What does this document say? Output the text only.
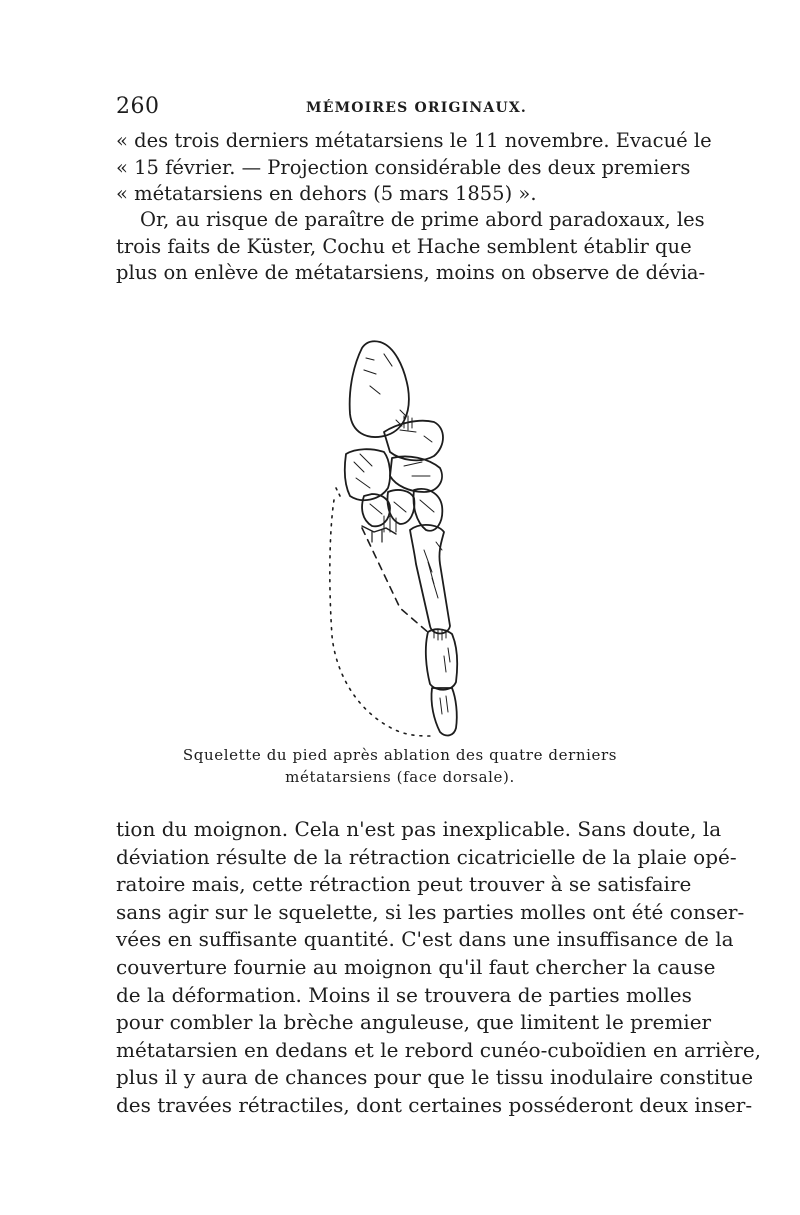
260	MÉMOIRES ORIGINAUX.
« des trois derniers métatarsiens le 11 novembre. Evacué le
« 15 février. — Projection considérable des deux premiers
« métatarsiens en dehors (5 mars 1855) ».
Or, au risque de paraître de prime abord paradoxaux, les
trois faits de Küster, Cochu et Hache semblent établir que
plus on enlève de métatarsiens, moins on observe de dévia-
Squelette du pied après ablation des quatre derniers
métatarsiens (face dorsale).
tion du moignon. Cela n'est pas inexplicable. Sans doute, la
déviation résulte de la rétraction cicatricielle de la plaie opé-
ratoire mais, cette rétraction peut trouver à se satisfaire
sans agir sur le squelette, si les parties molles ont été conser-
vées en suffisante quantité. C'est dans une insuffisance de la
couverture fournie au moignon qu'il faut chercher la cause
de la déformation. Moins il se trouvera de parties molles
pour combler la brèche anguleuse, que limitent le premier
métatarsien en dedans et le rebord cunéo-cuboïdien en arrière,
plus il y aura de chances pour que le tissu inodulaire constitue
des travées rétractiles, dont certaines posséderont deux inser-
